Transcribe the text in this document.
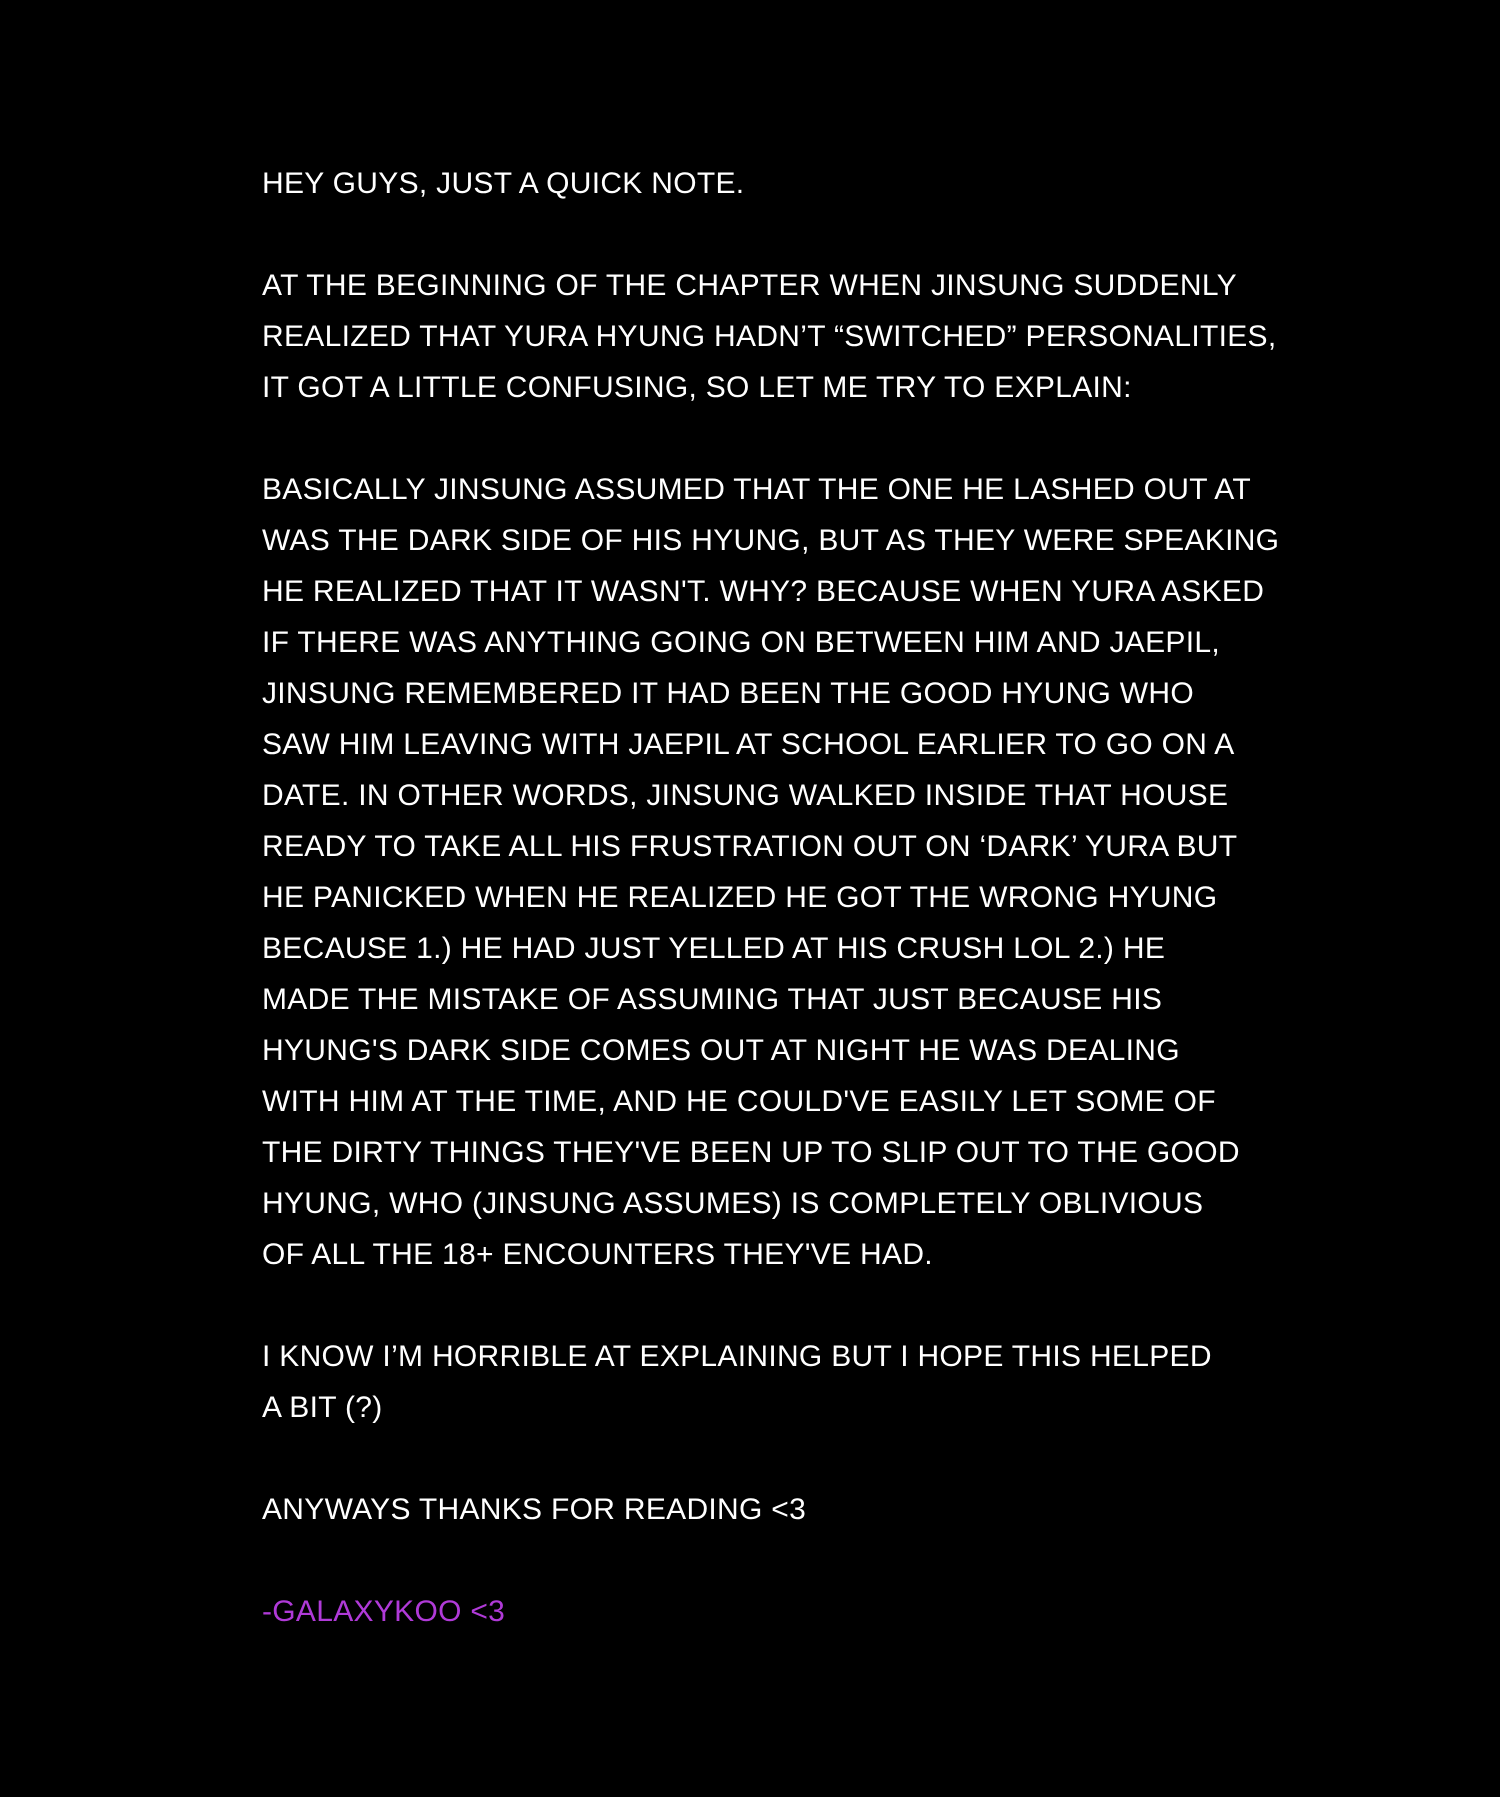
HEY GUYS, JUST A QUICK NOTE.
AT THE BEGINNING OF THE CHAPTER WHEN JINSUNG SUDDENLY
REALIZED THAT YURA HYUNG HADN’T “SWITCHED” PERSONALITIES,
IT GOT A LITTLE CONFUSING, SO LET ME TRY TO EXPLAIN:
BASICALLY JINSUNG ASSUMED THAT THE ONE HE LASHED OUT AT
WAS THE DARK SIDE OF HIS HYUNG, BUT AS THEY WERE SPEAKING
HE REALIZED THAT IT WASN'T. WHY? BECAUSE WHEN YURA ASKED
IF THERE WAS ANYTHING GOING ON BETWEEN HIM AND JAEPIL,
JINSUNG REMEMBERED IT HAD BEEN THE GOOD HYUNG WHO
SAW HIM LEAVING WITH JAEPIL AT SCHOOL EARLIER TO GO ON A
DATE. IN OTHER WORDS, JINSUNG WALKED INSIDE THAT HOUSE
READY TO TAKE ALL HIS FRUSTRATION OUT ON ‘DARK’ YURA BUT
HE PANICKED WHEN HE REALIZED HE GOT THE WRONG HYUNG
BECAUSE 1.) HE HAD JUST YELLED AT HIS CRUSH LOL 2.) HE
MADE THE MISTAKE OF ASSUMING THAT JUST BECAUSE HIS
HYUNG'S DARK SIDE COMES OUT AT NIGHT HE WAS DEALING
WITH HIM AT THE TIME, AND HE COULD'VE EASILY LET SOME OF
THE DIRTY THINGS THEY'VE BEEN UP TO SLIP OUT TO THE GOOD
HYUNG, WHO (JINSUNG ASSUMES) IS COMPLETELY OBLIVIOUS
OF ALL THE 18+ ENCOUNTERS THEY'VE HAD.
I KNOW I’M HORRIBLE AT EXPLAINING BUT I HOPE THIS HELPED
A BIT (?)
ANYWAYS THANKS FOR READING <3
-GALAXYKOO <3
